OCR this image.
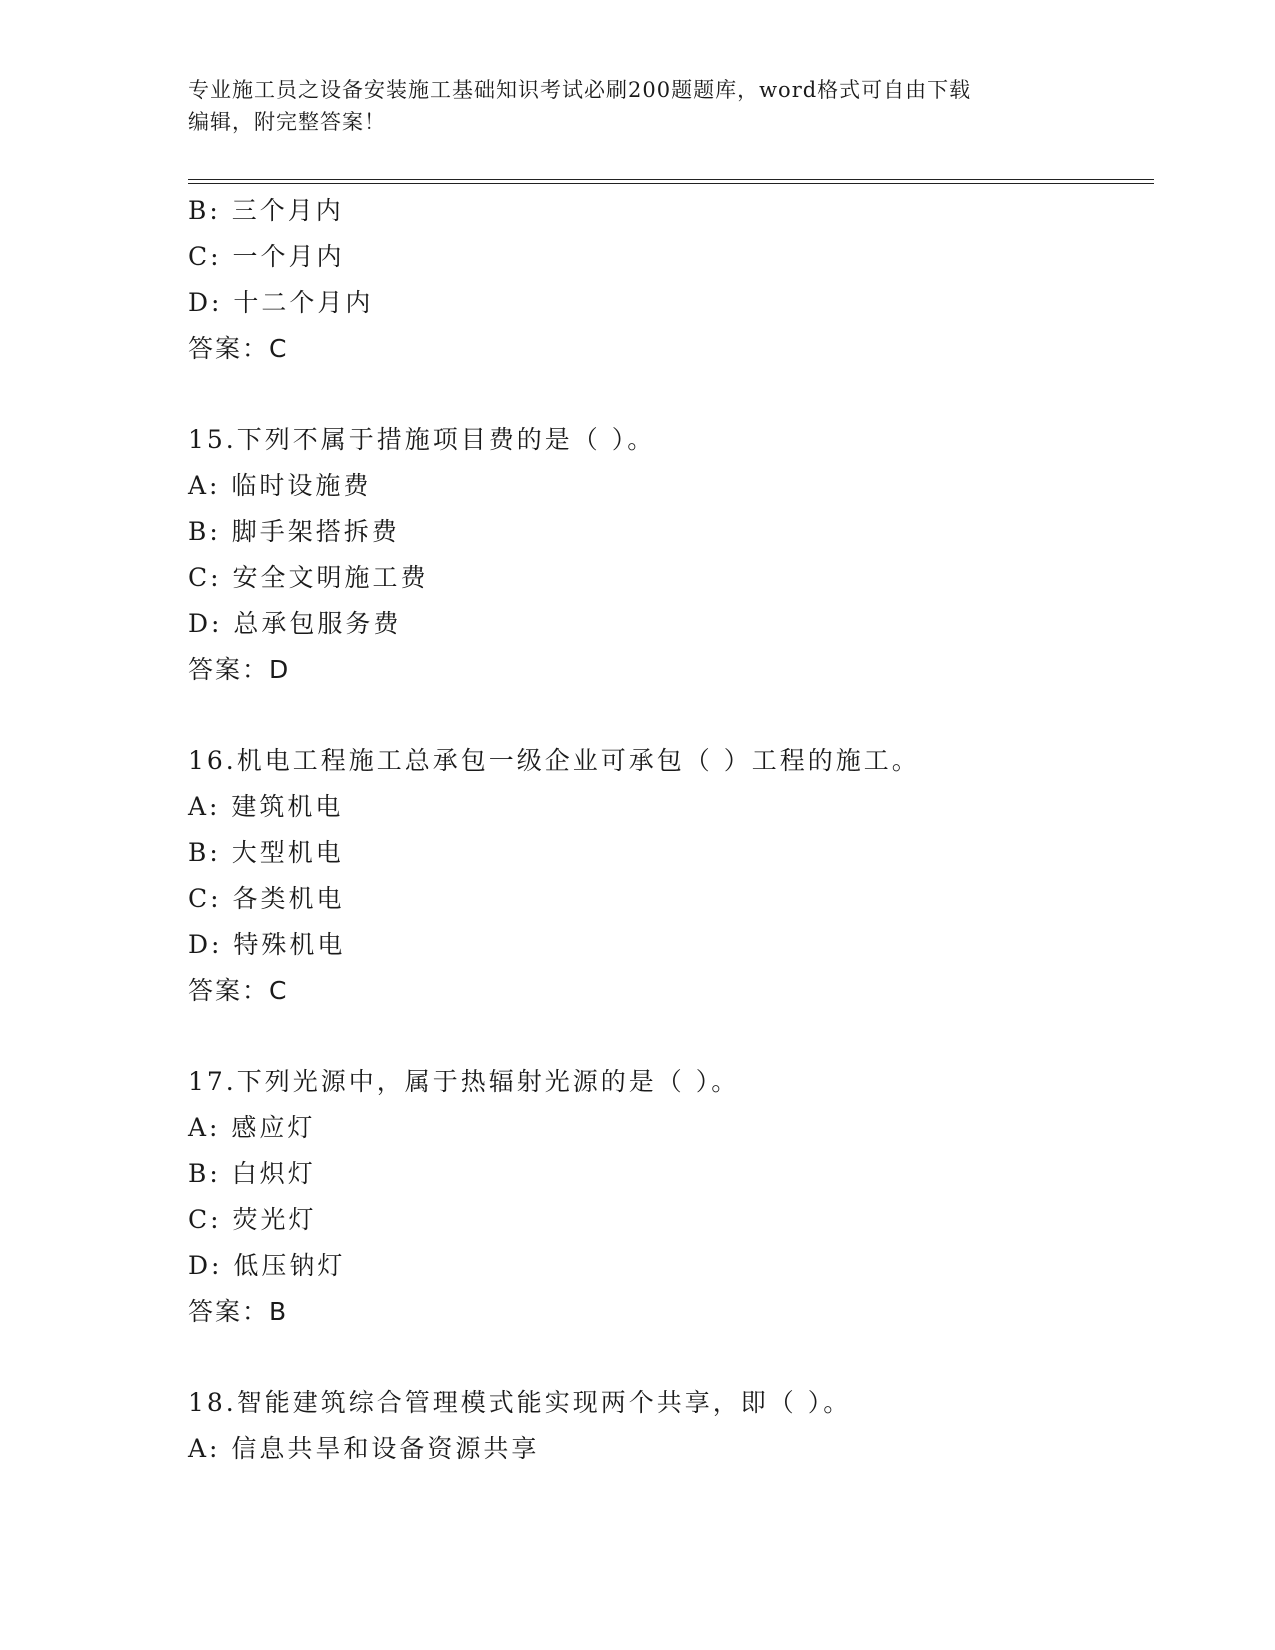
专业施工员之设备安装施工基础知识考试必刷200题题库，word格式可自由下载
编辑，附完整答案！
B: 三个月内
C: 一个月内
D: 十二个月内
答案：C
15.下列不属于措施项目费的是（ ）。
A: 临时设施费
B: 脚手架搭拆费
C: 安全文明施工费
D: 总承包服务费
答案：D
16.机电工程施工总承包一级企业可承包（ ）工程的施工。
A: 建筑机电
B: 大型机电
C: 各类机电
D: 特殊机电
答案：C
17.下列光源中，属于热辐射光源的是（ ）。
A: 感应灯
B: 白炽灯
C: 荧光灯
D: 低压钠灯
答案：B
18.智能建筑综合管理模式能实现两个共享，即（ ）。
A: 信息共旱和设备资源共享
